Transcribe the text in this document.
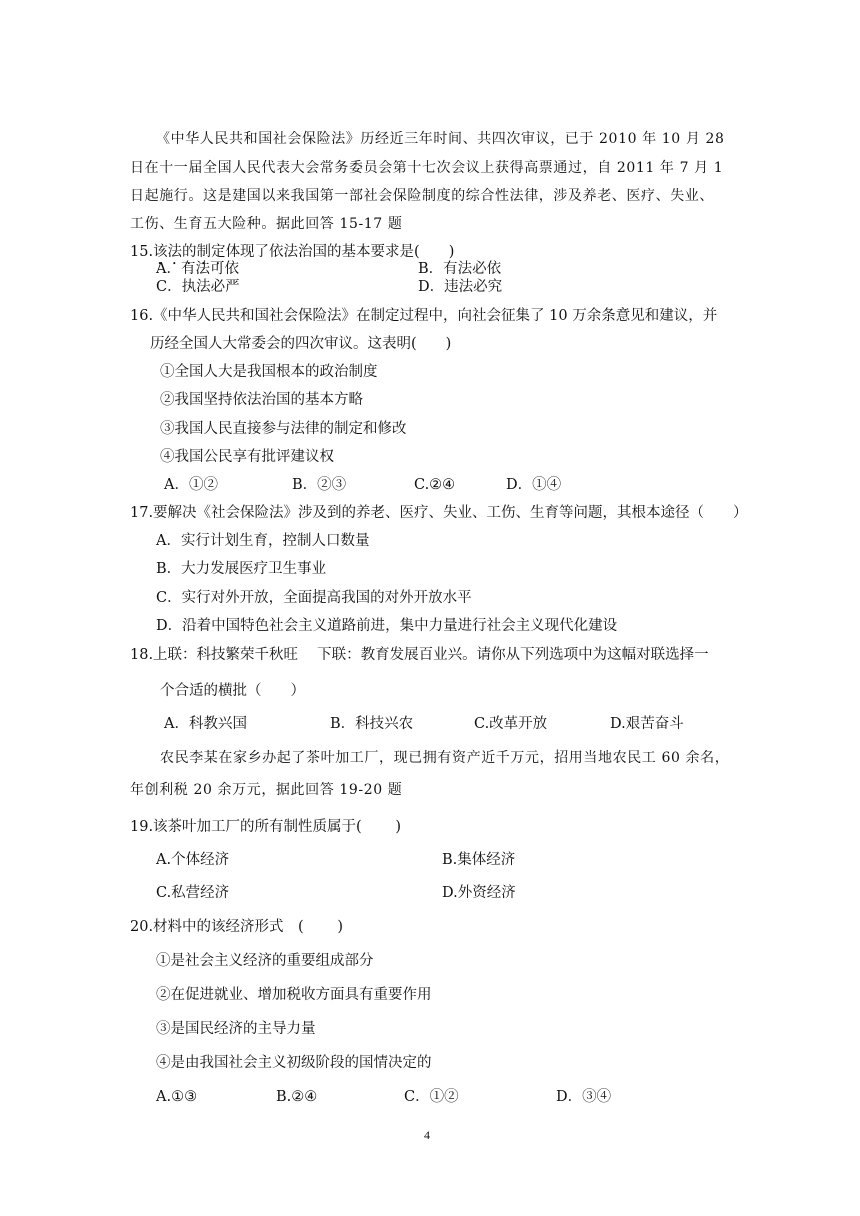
《中华人民共和国社会保险法》历经近三年时间、共四次审议，已于 2010 年 10 月 28
日在十一届全国人民代表大会常务委员会第十七次会议上获得高票通过，自 2011 年 7 月 1
日起施行。这是建国以来我国第一部社会保险制度的综合性法律，涉及养老、医疗、失业、
工伤、生育五大险种。据此回答 15-17 题
15.该法的制定体现了依法治国的基本要求是(　　)
A．有法可依	B．有法必依
C．执法必严	D．违法必究
16.《中华人民共和国社会保险法》在制定过程中，向社会征集了 10 万余条意见和建议，并
历经全国人大常委会的四次审议。这表明(　　)
①全国人大是我国根本的政治制度
②我国坚持依法治国的基本方略
③我国人民直接参与法律的制定和修改
④我国公民享有批评建议权
A．①②	B．②③	C.②④	D．①④
17.要解决《社会保险法》涉及到的养老、医疗、失业、工伤、生育等问题，其根本途径（　　）
A．实行计划生育，控制人口数量
B．大力发展医疗卫生事业
C．实行对外开放，全面提高我国的对外开放水平
D．沿着中国特色社会主义道路前进，集中力量进行社会主义现代化建设
18.上联：科技繁荣千秋旺　 下联：教育发展百业兴。请你从下列选项中为这幅对联选择一
个合适的横批（　　）
A．科教兴国	B．科技兴农	C.改革开放	D.艰苦奋斗
农民李某在家乡办起了茶叶加工厂，现已拥有资产近千万元，招用当地农民工 60 余名，
年创利税 20 余万元，据此回答 19-20 题
19.该茶叶加工厂的所有制性质属于(　　 )
A.个体经济	B.集体经济
C.私营经济	D.外资经济
20.材料中的该经济形式　(　　 )
①是社会主义经济的重要组成部分
②在促进就业、增加税收方面具有重要作用
③是国民经济的主导力量
④是由我国社会主义初级阶段的国情决定的
A.①③	B.②④	C．①②	D．③④
4
